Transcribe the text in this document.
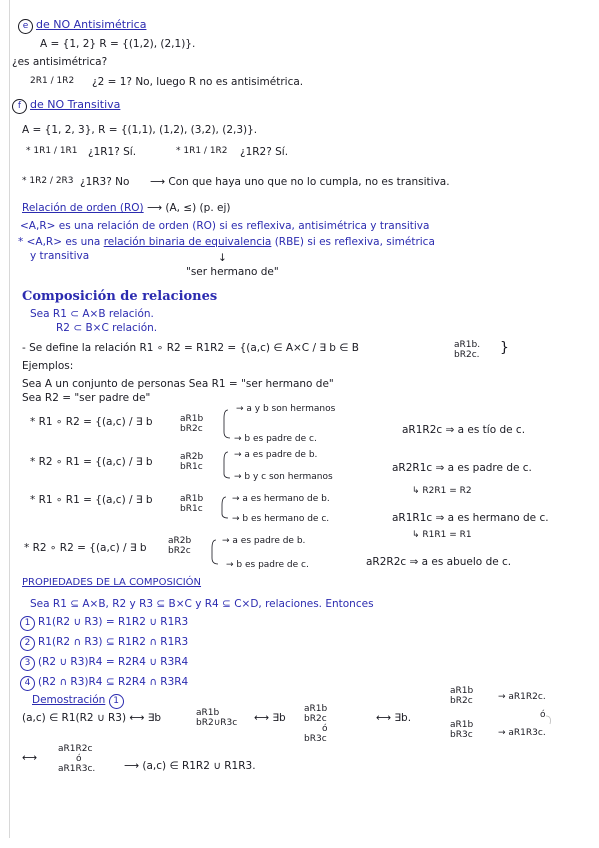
e de NO Antisimétrica
A = {1, 2} R = {(1,2), (2,1)}.
¿es antisimétrica?
2R1 / 1R2 ¿2 = 1? No, luego R no es antisimétrica.
f de NO Transitiva
A = {1, 2, 3}, R = {(1,1), (1,2), (3,2), (2,3)}.
* 1R1 / 1R1 ¿1R1? Sí.	* 1R1 / 1R2 ¿1R2? Sí.
* 1R2 / 2R3 ¿1R3? No ⟶ Con que haya uno que no lo cumpla, no es transitiva.
Relación de orden (RO) ⟶ (A, ≤) (p. ej)
<A,R> es una relación de orden (RO) si es reflexiva, antisimétrica y transitiva
* <A,R> es una relación binaria de equivalencia (RBE) si es reflexiva, simétrica
y transitiva	↓
"ser hermano de"
Composición de relaciones
Sea R1 ⊂ A×B relación.
R2 ⊂ B×C relación.
- Se define la relación R1 ∘ R2 = R1R2 = {(a,c) ∈ A×C / ∃ b ∈ B	aR1b.
bR2c. }
Ejemplos:
Sea A un conjunto de personas Sea R1 = "ser hermano de"
Sea R2 = "ser padre de"
* R1 ∘ R2 = {(a,c) / ∃ b	aR1b
bR2c
→ a y b son hermanos
→ b es padre de c.
aR1R2c ⇒ a es tío de c.
* R2 ∘ R1 = {(a,c) / ∃ b	aR2b
bR1c
→ a es padre de b.
→ b y c son hermanos
aR2R1c ⇒ a es padre de c.
↳ R2R1 = R2
* R1 ∘ R1 = {(a,c) / ∃ b	aR1b
bR1c
→ a es hermano de b.
→ b es hermano de c.	aR1R1c ⇒ a es hermano de c.
↳ R1R1 = R1
* R2 ∘ R2 = {(a,c) / ∃ b
aR2b
bR2c
→ a es padre de b.
→ b es padre de c.	aR2R2c ⇒ a es abuelo de c.
PROPIEDADES DE LA COMPOSICIÓN
Sea R1 ⊆ A×B, R2 y R3 ⊆ B×C y R4 ⊆ C×D, relaciones. Entonces
1 R1(R2 ∪ R3) = R1R2 ∪ R1R3
2 R1(R2 ∩ R3) ⊆ R1R2 ∩ R1R3
3 (R2 ∪ R3)R4 = R2R4 ∪ R3R4
4 (R2 ∩ R3)R4 ⊆ R2R4 ∩ R3R4
Demostración 1
(a,c) ∈ R1(R2 ∪ R3) ⟷ ∃b	aR1b
bR2∪R3c ⟷ ∃b
aR1b
bR2c
ó
bR3c
⟷ ∃b.
aR1b
bR2c	→ aR1R2c.
ó
aR1b
bR3c	→ aR1R3c.
⟷
aR1R2c
ó
aR1R3c.	⟶ (a,c) ∈ R1R2 ∪ R1R3.
